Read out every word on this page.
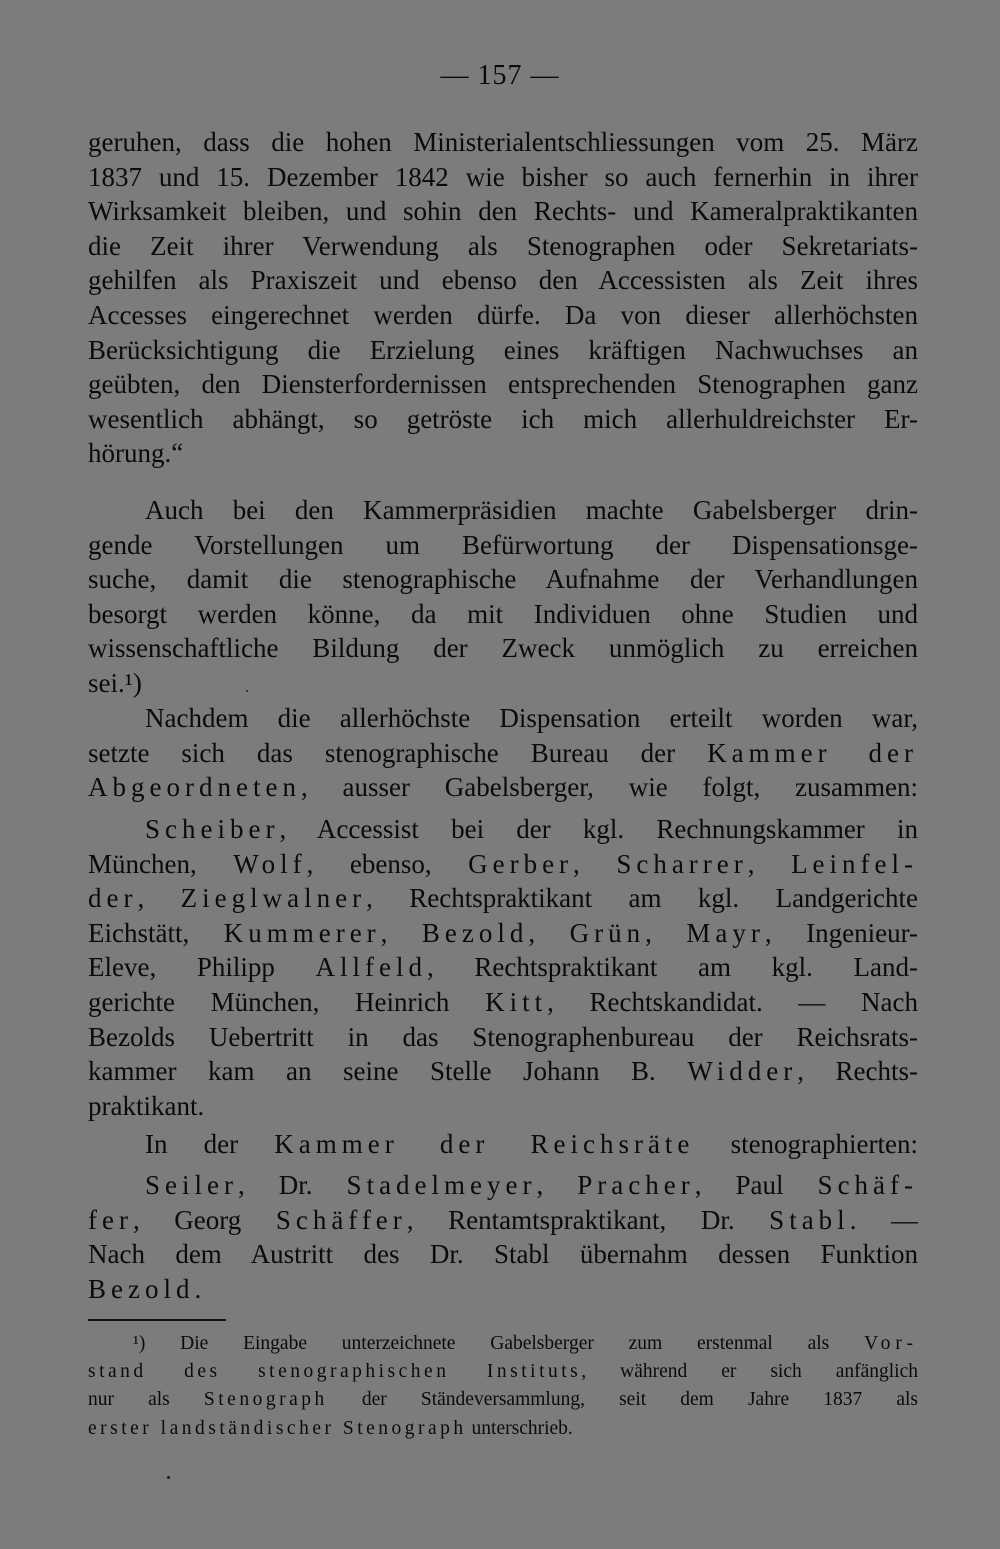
— 157 —
geruhen, dass die hohen Ministerialentschliessungen vom 25. März
1837 und 15. Dezember 1842 wie bisher so auch fernerhin in ihrer
Wirksamkeit bleiben, und sohin den Rechts- und Kameralpraktikanten
die Zeit ihrer Verwendung als Stenographen oder Sekretariats-
gehilfen als Praxiszeit und ebenso den Accessisten als Zeit ihres
Accesses eingerechnet werden dürfe. Da von dieser allerhöchsten
Berücksichtigung die Erzielung eines kräftigen Nachwuchses an
geübten, den Diensterfordernissen entsprechenden Stenographen ganz
wesentlich abhängt, so getröste ich mich allerhuldreichster Er-
hörung.“
Auch bei den Kammerpräsidien machte Gabelsberger drin-
gende Vorstellungen um Befürwortung der Dispensationsge-
suche, damit die stenographische Aufnahme der Verhandlungen
besorgt werden könne, da mit Individuen ohne Studien und
wissenschaftliche Bildung der Zweck unmöglich zu erreichen
sei.¹)
Nachdem die allerhöchste Dispensation erteilt worden war,
setzte sich das stenographische Bureau der Kammer der
Abgeordneten, ausser Gabelsberger, wie folgt, zusammen:
Scheiber, Accessist bei der kgl. Rechnungskammer in
München, Wolf, ebenso, Gerber, Scharrer, Leinfel-
der, Zieglwalner, Rechtspraktikant am kgl. Landgerichte
Eichstätt, Kummerer, Bezold, Grün, Mayr, Ingenieur-
Eleve, Philipp Allfeld, Rechtspraktikant am kgl. Land-
gerichte München, Heinrich Kitt, Rechtskandidat. — Nach
Bezolds Uebertritt in das Stenographenbureau der Reichsrats-
kammer kam an seine Stelle Johann B. Widder, Rechts-
praktikant.
In der Kammer der Reichsräte stenographierten:
Seiler, Dr. Stadelmeyer, Pracher, Paul Schäf-
fer, Georg Schäffer, Rentamtspraktikant, Dr. Stabl. —
Nach dem Austritt des Dr. Stabl übernahm dessen Funktion
Bezold.
¹) Die Eingabe unterzeichnete Gabelsberger zum erstenmal als Vor-
stand des stenographischen Instituts, während er sich anfänglich
nur als Stenograph der Ständeversammlung, seit dem Jahre 1837 als
erster landständischer Stenograph unterschrieb.
